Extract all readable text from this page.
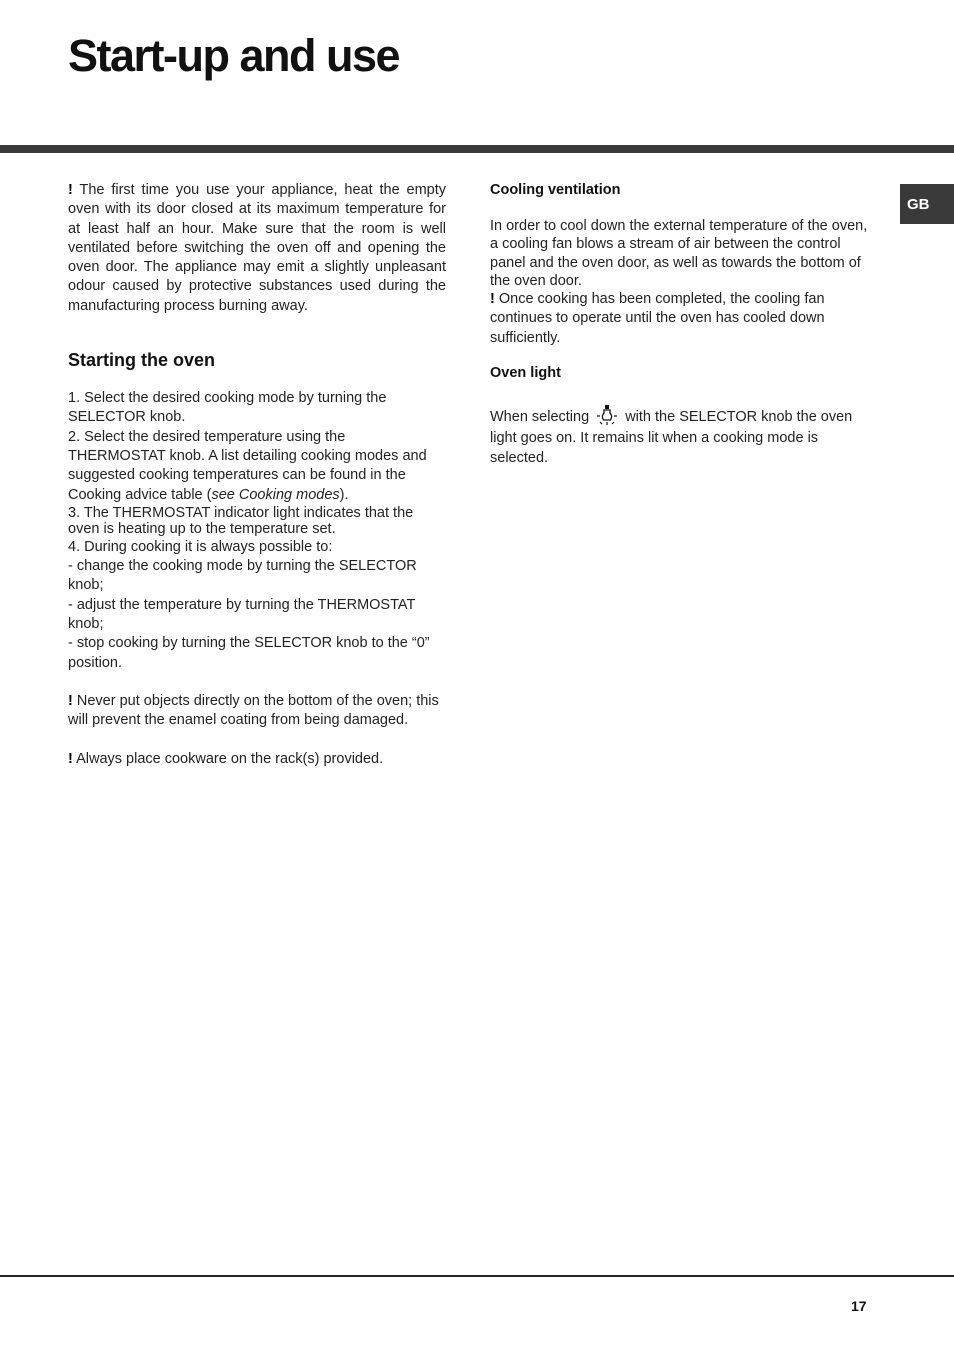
Start-up and use
GB

! The first time you use your appliance, heat the empty oven with its door closed at its maximum temperature for at least half an hour. Make sure that the room is well ventilated before switching the oven off and opening the oven door. The appliance may emit a slightly unpleasant odour caused by protective substances used during the manufacturing process burning away.

Starting the oven

1. Select the desired cooking mode by turning the SELECTOR knob.

2. Select the desired temperature using the THERMOSTAT knob. A list detailing cooking modes and suggested cooking temperatures can be found in the Cooking advice table (see Cooking modes).

3. The THERMOSTAT indicator light indicates that the oven is heating up to the temperature set.

4. During cooking it is always possible to:

- change the cooking mode by turning the SELECTOR knob;

- adjust the temperature by turning the THERMOSTAT knob;

- stop cooking by turning the SELECTOR knob to the “0” position.

! Never put objects directly on the bottom of the oven; this will prevent the enamel coating from being damaged.

! Always place cookware on the rack(s) provided.

Cooling ventilation

In order to cool down the external temperature of the oven, a cooling fan blows a stream of air between the control panel and the oven door, as well as towards the bottom of the oven door.

! Once cooking has been completed, the cooling fan continues to operate until the oven has cooled down sufficiently.

Oven light

When selecting with the SELECTOR knob the oven light goes on. It remains lit when a cooking mode is selected.

17
